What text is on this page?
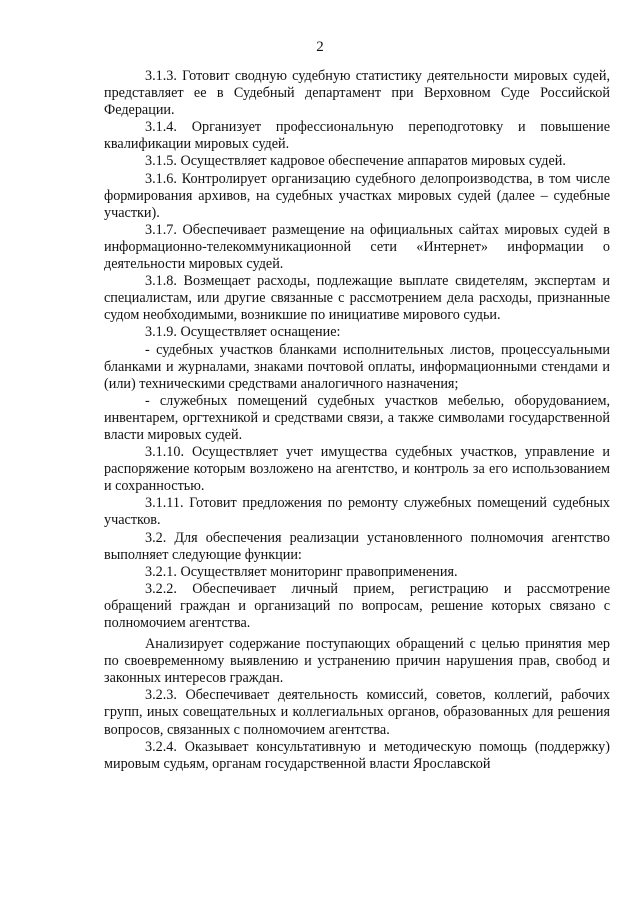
2

3.1.3. Готовит сводную судебную статистику деятельности мировых судей, представляет ее в Судебный департамент при Верховном Суде Российской Федерации.

3.1.4. Организует профессиональную переподготовку и повышение квалификации мировых судей.

3.1.5. Осуществляет кадровое обеспечение аппаратов мировых судей.

3.1.6. Контролирует организацию судебного делопроизводства, в том числе формирования архивов, на судебных участках мировых судей (далее – судебные участки).

3.1.7. Обеспечивает размещение на официальных сайтах мировых судей в информационно-телекоммуникационной сети «Интернет» информации о деятельности мировых судей.

3.1.8. Возмещает расходы, подлежащие выплате свидетелям, экспертам и специалистам, или другие связанные с рассмотрением дела расходы, признанные судом необходимыми, возникшие по инициативе мирового судьи.

3.1.9. Осуществляет оснащение:

- судебных участков бланками исполнительных листов, процессуальными бланками и журналами, знаками почтовой оплаты, информационными стендами и (или) техническими средствами аналогичного назначения;

- служебных помещений судебных участков мебелью, оборудованием, инвентарем, оргтехникой и средствами связи, а также символами государственной власти мировых судей.

3.1.10. Осуществляет учет имущества судебных участков, управление и распоряжение которым возложено на агентство, и контроль за его использованием и сохранностью.

3.1.11. Готовит предложения по ремонту служебных помещений судебных участков.

3.2. Для обеспечения реализации установленного полномочия агентство выполняет следующие функции:

3.2.1. Осуществляет мониторинг правоприменения.

3.2.2. Обеспечивает личный прием, регистрацию и рассмотрение обращений граждан и организаций по вопросам, решение которых связано с полномочием агентства.

Анализирует содержание поступающих обращений с целью принятия мер по своевременному выявлению и устранению причин нарушения прав, свобод и законных интересов граждан.

3.2.3. Обеспечивает деятельность комиссий, советов, коллегий, рабочих групп, иных совещательных и коллегиальных органов, образованных для решения вопросов, связанных с полномочием агентства.

3.2.4. Оказывает консультативную и методическую помощь (поддержку) мировым судьям, органам государственной власти Ярославской
